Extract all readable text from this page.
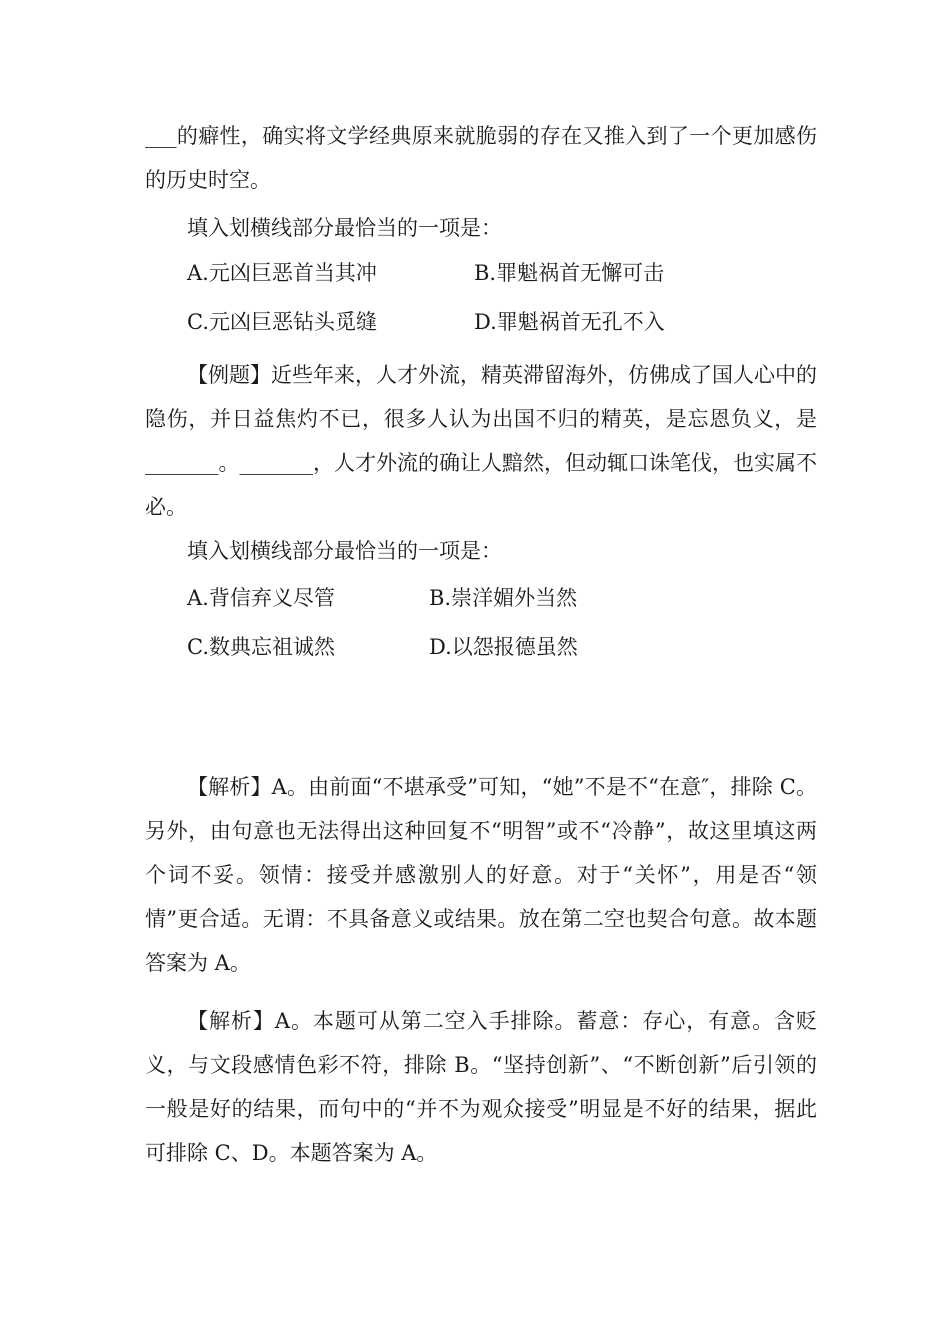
___的癖性，确实将文学经典原来就脆弱的存在又推入到了一个更加感伤的历史时空。

填入划横线部分最恰当的一项是：

A.元凶巨恶首当其冲	B.罪魁祸首无懈可击

C.元凶巨恶钻头觅缝	D.罪魁祸首无孔不入

【例题】近些年来，人才外流，精英滞留海外，仿佛成了国人心中的隐伤，并日益焦灼不已，很多人认为出国不归的精英，是忘恩负义，是_______。_______，人才外流的确让人黯然，但动辄口诛笔伐，也实属不必。

填入划横线部分最恰当的一项是：

A.背信弃义尽管	B.崇洋媚外当然

C.数典忘祖诚然	D.以怨报德虽然

【解析】A。由前面“不堪承受”可知，“她”不是不“在意″，排除 C。另外，由句意也无法得出这种回复不“明智”或不“冷静”，故这里填这两个词不妥。领情：接受并感激别人的好意。对于“关怀”，用是否“领情”更合适。无谓：不具备意义或结果。放在第二空也契合句意。故本题答案为 A。

【解析】A。本题可从第二空入手排除。蓄意：存心，有意。含贬义，与文段感情色彩不符，排除 B。“坚持创新”、“不断创新”后引领的一般是好的结果，而句中的“并不为观众接受”明显是不好的结果，据此可排除 C、D。本题答案为 A。
